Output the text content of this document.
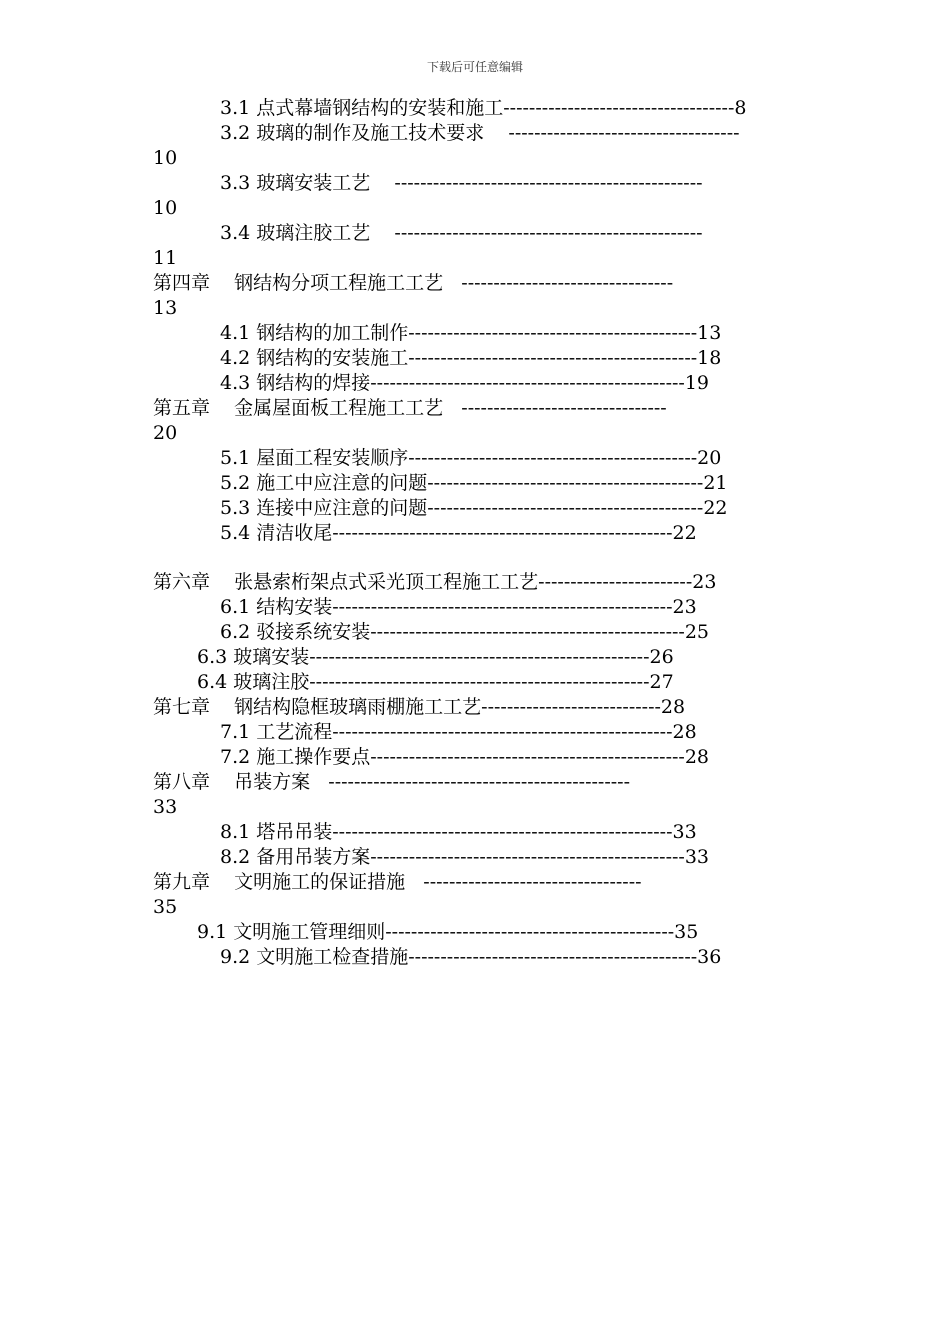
下载后可任意编辑
3.1 点式幕墙钢结构的安装和施工------------------------------------8
3.2 玻璃的制作及施工技术要求    ------------------------------------
10
3.3 玻璃安装工艺    ------------------------------------------------
10
3.4 玻璃注胶工艺    ------------------------------------------------
11
第四章    钢结构分项工程施工工艺   ---------------------------------
13
4.1 钢结构的加工制作---------------------------------------------13
4.2 钢结构的安装施工---------------------------------------------18
4.3 钢结构的焊接-------------------------------------------------19
第五章    金属屋面板工程施工工艺   --------------------------------
20
5.1 屋面工程安装顺序---------------------------------------------20
5.2 施工中应注意的问题-------------------------------------------21
5.3 连接中应注意的问题-------------------------------------------22
5.4 清洁收尾-----------------------------------------------------22
第六章    张悬索桁架点式采光顶工程施工工艺------------------------23
6.1 结构安装-----------------------------------------------------23
6.2 驳接系统安装-------------------------------------------------25
6.3 玻璃安装-----------------------------------------------------26
6.4 玻璃注胶-----------------------------------------------------27
第七章    钢结构隐框玻璃雨棚施工工艺----------------------------28
7.1 工艺流程-----------------------------------------------------28
7.2 施工操作要点-------------------------------------------------28
第八章    吊装方案   -----------------------------------------------
33
8.1 塔吊吊装-----------------------------------------------------33
8.2 备用吊装方案-------------------------------------------------33
第九章    文明施工的保证措施   ----------------------------------
35
9.1 文明施工管理细则---------------------------------------------35
9.2 文明施工检查措施---------------------------------------------36
